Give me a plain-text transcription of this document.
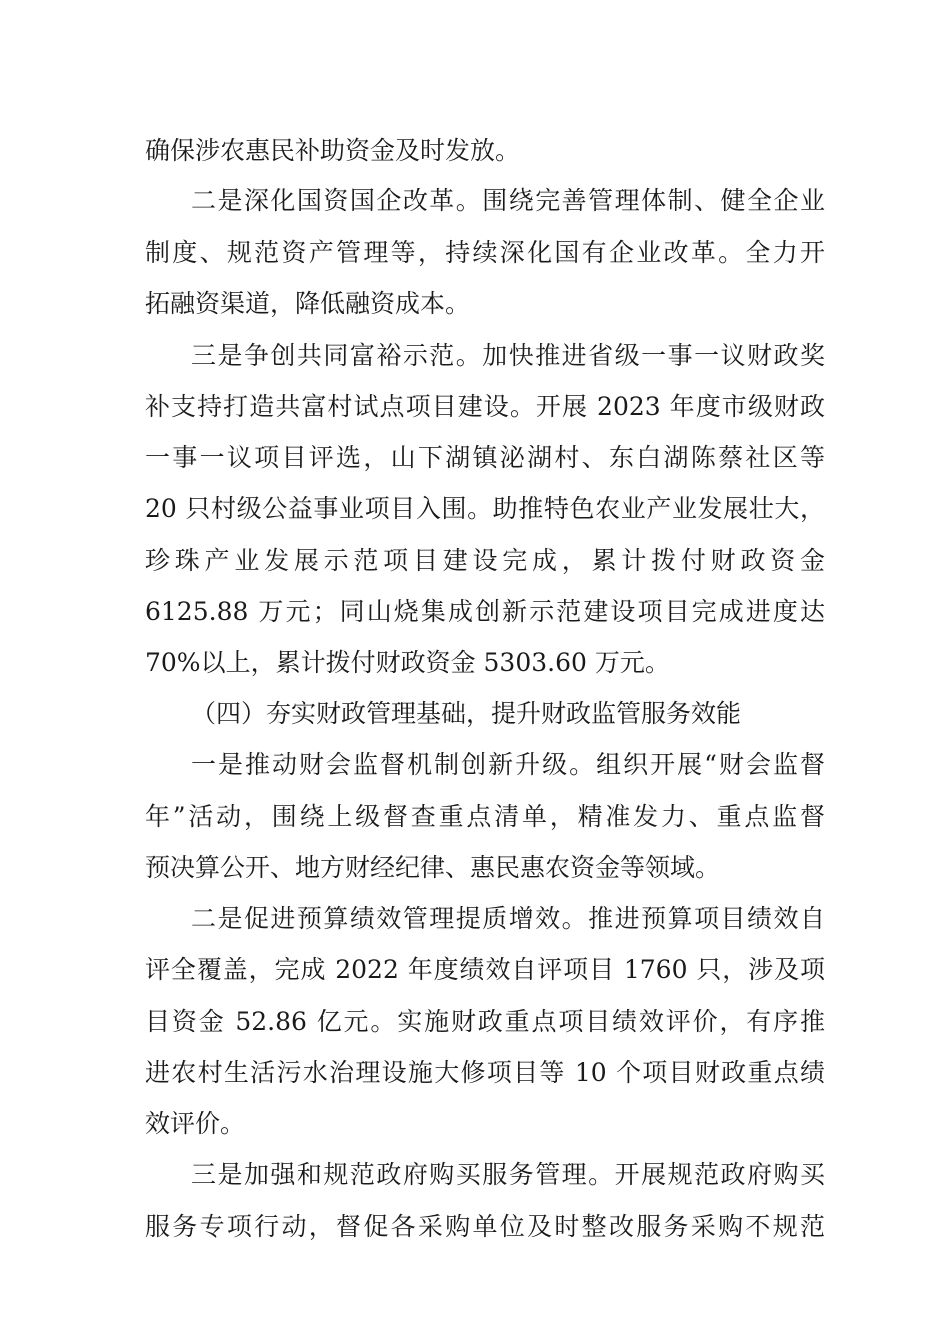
确保涉农惠民补助资金及时发放。
二是深化国资国企改革。围绕完善管理体制、健全企业
制度、规范资产管理等，持续深化国有企业改革。全力开
拓融资渠道，降低融资成本。
三是争创共同富裕示范。加快推进省级一事一议财政奖
补支持打造共富村试点项目建设。开展 2023 年度市级财政
一事一议项目评选，山下湖镇泌湖村、东白湖陈蔡社区等
20 只村级公益事业项目入围。助推特色农业产业发展壮大，
珍珠产业发展示范项目建设完成，累计拨付财政资金
6125.88 万元；同山烧集成创新示范建设项目完成进度达
70%以上，累计拨付财政资金 5303.60 万元。
（四）夯实财政管理基础，提升财政监管服务效能
一是推动财会监督机制创新升级。组织开展“财会监督
年”活动，围绕上级督查重点清单，精准发力、重点监督
预决算公开、地方财经纪律、惠民惠农资金等领域。
二是促进预算绩效管理提质增效。推进预算项目绩效自
评全覆盖，完成 2022 年度绩效自评项目 1760 只，涉及项
目资金 52.86 亿元。实施财政重点项目绩效评价，有序推
进农村生活污水治理设施大修项目等 10 个项目财政重点绩
效评价。
三是加强和规范政府购买服务管理。开展规范政府购买
服务专项行动，督促各采购单位及时整改服务采购不规范
